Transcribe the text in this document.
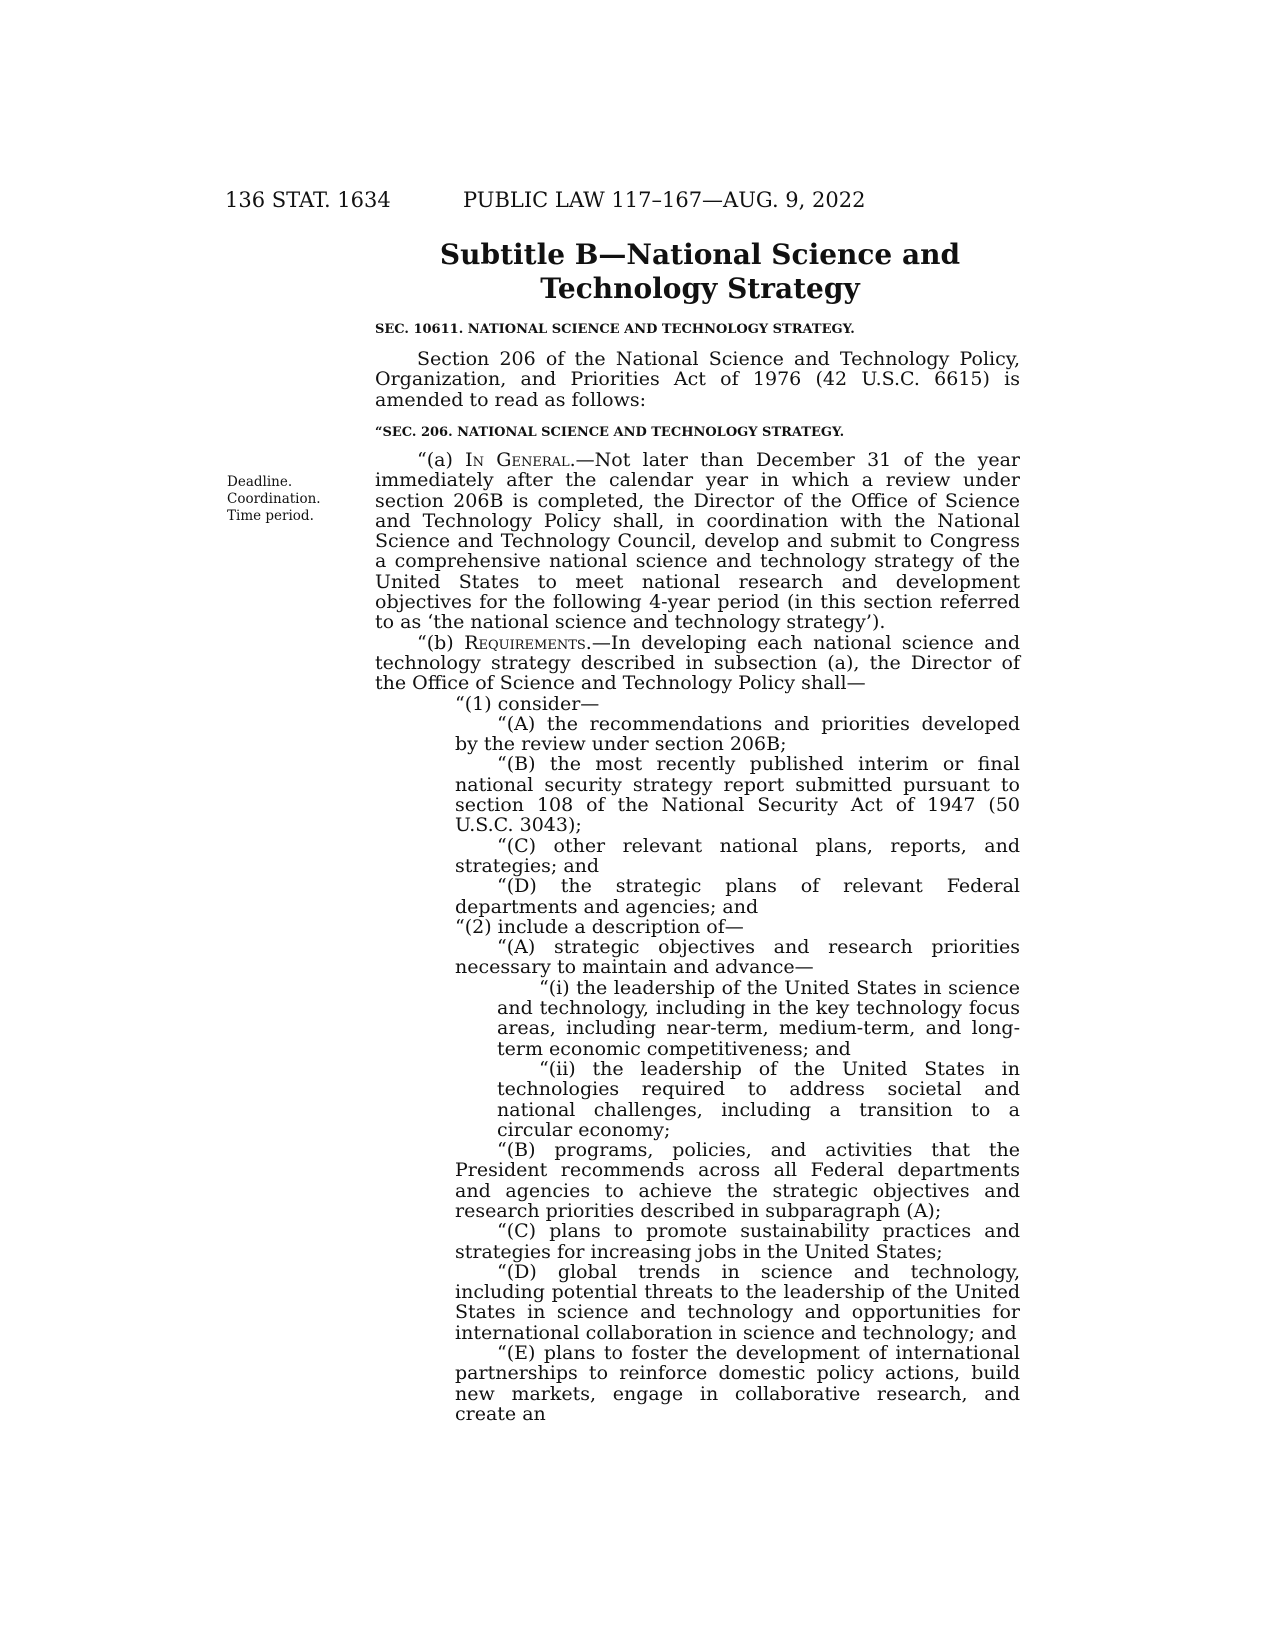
136 STAT. 1634	PUBLIC LAW 117–167—AUG. 9, 2022
Subtitle B—National Science and
Technology Strategy
SEC. 10611. NATIONAL SCIENCE AND TECHNOLOGY STRATEGY.

Section 206 of the National Science and Technology Policy, Organization, and Priorities Act of 1976 (42 U.S.C. 6615) is amended to read as follows:

“SEC. 206. NATIONAL SCIENCE AND TECHNOLOGY STRATEGY.
Deadline.
Coordination.
Time period.

“(a) In General.—Not later than December 31 of the year immediately after the calendar year in which a review under section 206B is completed, the Director of the Office of Science and Technology Policy shall, in coordination with the National Science and Technology Council, develop and submit to Congress a comprehensive national science and technology strategy of the United States to meet national research and development objectives for the following 4-year period (in this section referred to as ‘the national science and technology strategy’).

“(b) Requirements.—In developing each national science and technology strategy described in subsection (a), the Director of the Office of Science and Technology Policy shall—

“(1) consider—

“(A) the recommendations and priorities developed by the review under section 206B;

“(B) the most recently published interim or final national security strategy report submitted pursuant to section 108 of the National Security Act of 1947 (50 U.S.C. 3043);

“(C) other relevant national plans, reports, and strategies; and

“(D) the strategic plans of relevant Federal departments and agencies; and

“(2) include a description of—

“(A) strategic objectives and research priorities necessary to maintain and advance—

“(i) the leadership of the United States in science and technology, including in the key technology focus areas, including near-term, medium-term, and long-term economic competitiveness; and

“(ii) the leadership of the United States in technologies required to address societal and national challenges, including a transition to a circular economy;

“(B) programs, policies, and activities that the President recommends across all Federal departments and agencies to achieve the strategic objectives and research priorities described in subparagraph (A);

“(C) plans to promote sustainability practices and strategies for increasing jobs in the United States;

“(D) global trends in science and technology, including potential threats to the leadership of the United States in science and technology and opportunities for international collaboration in science and technology; and

“(E) plans to foster the development of international partnerships to reinforce domestic policy actions, build new markets, engage in collaborative research, and create an
